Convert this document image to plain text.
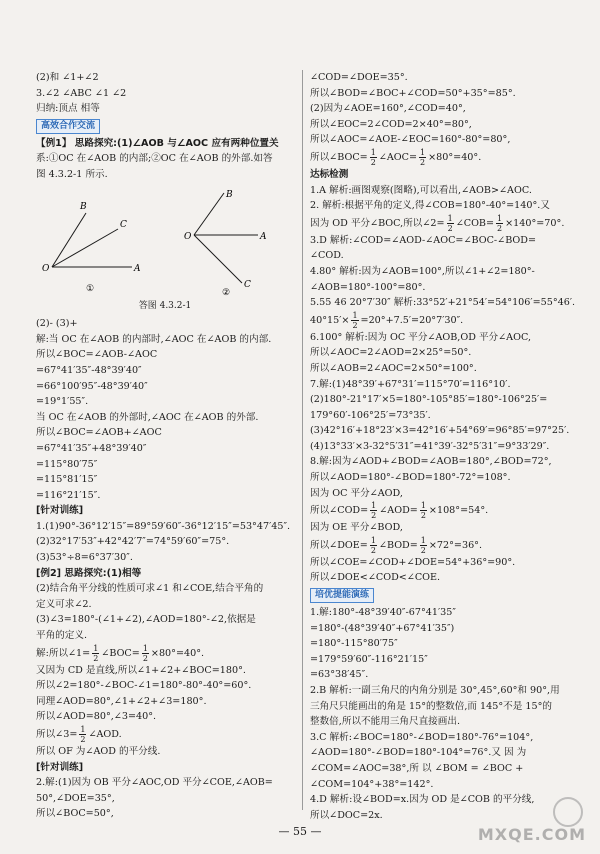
(2)和 ∠1+∠2
3.∠2 ∠ABC ∠1 ∠2
归纳:顶点 相等
高效合作交流
【例1】 思路探究:(1)∠AOB 与∠AOC 应有两种位置关
系:①OC 在∠AOB 的内部;②OC 在∠AOB 的外部.如答
图 4.3.2-1 所示.
O	A
B
C
①
O	A
B
C
②
答图 4.3.2-1
(2)- (3)+
解:当 OC 在∠AOB 的内部时,∠AOC 在∠AOB 的内部.
所以∠BOC=∠AOB-∠AOC
=67°41′35″-48°39′40″
=66°100′95″-48°39′40″
=19°1′55″.
当 OC 在∠AOB 的外部时,∠AOC 在∠AOB 的外部.
所以∠BOC=∠AOB+∠AOC
=67°41′35″+48°39′40″
=115°80′75″
=115°81′15″
=116°21′15″.
[针对训练]
1.(1)90°-36°12′15″=89°59′60″-36°12′15″=53°47′45″.
(2)32°17′53″+42°42′7″=74°59′60″=75°.
(3)53°÷8=6°37′30″.
[例2] 思路探究:(1)相等
(2)结合角平分线的性质可求∠1 和∠COE,结合平角的
定义可求∠2.
(3)∠3=180°-(∠1+∠2),∠AOD=180°-∠2,依据是
平角的定义.
解:所以∠1= $\frac{1}{2}$ ∠BOC= $\frac{1}{2} \times 80^\circ=40^\circ$.
又因为 CD 是直线,所以∠1+∠2+∠BOC=180°.
所以∠2=180°-∠BOC-∠1=180°-80°-40°=60°.
同理∠AOD=80°,∠1+∠2+∠3=180°.
所以∠AOD=80°,∠3=40°.
所以∠3= $\frac{1}{2}$ ∠AOD.
所以 OF 为∠AOD 的平分线.
[针对训练]
2.解:(1)因为 OB 平分∠AOC,OD 平分∠COE,∠AOB=
50°,∠DOE=35°,
所以∠BOC=50°,
∠COD=∠DOE=35°.
所以∠BOD=∠BOC+∠COD=50°+35°=85°.
(2)因为∠AOE=160°,∠COD=40°,
所以∠EOC=2∠COD=2×40°=80°,
所以∠AOC=∠AOE-∠EOC=160°-80°=80°,
所以∠BOC= $\frac{1}{2}$ ∠AOC= $\frac{1}{2} \times 80^\circ=40^\circ$.
达标检测
1.A 解析:画图观察(图略),可以看出,∠AOB>∠AOC.
2. 解析:根据平角的定义,得∠COB=180°-40°=140°.又
因为 OD 平分∠BOC,所以∠2= $\frac{1}{2}$ ∠COB= $\frac{1}{2} \times 140^\circ=70^\circ$.
3.D 解析:∠COD=∠AOD-∠AOC=∠BOC-∠BOD=
∠COD.
4.80° 解析:因为∠AOB=100°,所以∠1+∠2=180°-
∠AOB=180°-100°=80°.
5.55 46 20°7′30″ 解析:33°52′+21°54′=54°106′=55°46′.
$40^\circ 15'\times \frac{1}{2} =20^\circ+7.5'=20^\circ 7'30''$.
6.100° 解析:因为 OC 平分∠AOB,OD 平分∠AOC,
所以∠AOC=2∠AOD=2×25°=50°.
所以∠AOB=2∠AOC=2×50°=100°.
7.解:(1)48°39′+67°31′=115°70′=116°10′.
(2)180°-21°17′×5=180°-105°85′=180°-106°25′=
179°60′-106°25′=73°35′.
(3)42°16′+18°23′×3=42°16′+54°69′=96°85′=97°25′.
(4)13°33′×3-32°5′31″=41°39′-32°5′31″=9°33′29″.
8.解:因为∠AOD+∠BOD=∠AOB=180°,∠BOD=72°,
所以∠AOD=180°-∠BOD=180°-72°=108°.
因为 OC 平分∠AOD,
所以∠COD= $\frac{1}{2}$ ∠AOD= $\frac{1}{2} \times 108^\circ=54^\circ$.
因为 OE 平分∠BOD,
所以∠DOE= $\frac{1}{2}$ ∠BOD= $\frac{1}{2} \times 72^\circ=36^\circ$.
所以∠COE=∠COD+∠DOE=54°+36°=90°.
所以∠DOE<∠COD<∠COE.
培优提能演练
1.解:180°-48°39′40″-67°41′35″
=180°-(48°39′40″+67°41′35″)
=180°-115°80′75″
=179°59′60″-116°21′15″
=63°38′45″.
2.B 解析:一副三角尺的内角分别是 30°,45°,60°和 90°,用
三角尺只能画出的角是 15°的整数倍,而 145°不是 15°的
整数倍,所以不能用三角尺直接画出.
3.C 解析:∠BOC=180°-∠BOD=180°-76°=104°,
∠AOD=180°-∠BOD=180°-104°=76°.又 因 为
∠COM=∠AOC=38°,所 以 ∠BOM = ∠BOC +
∠COM=104°+38°=142°.
4.D 解析:设∠BOD=x.因为 OD 是∠COB 的平分线,
所以∠DOC=2x.
— 55 —	MXQE.COM
